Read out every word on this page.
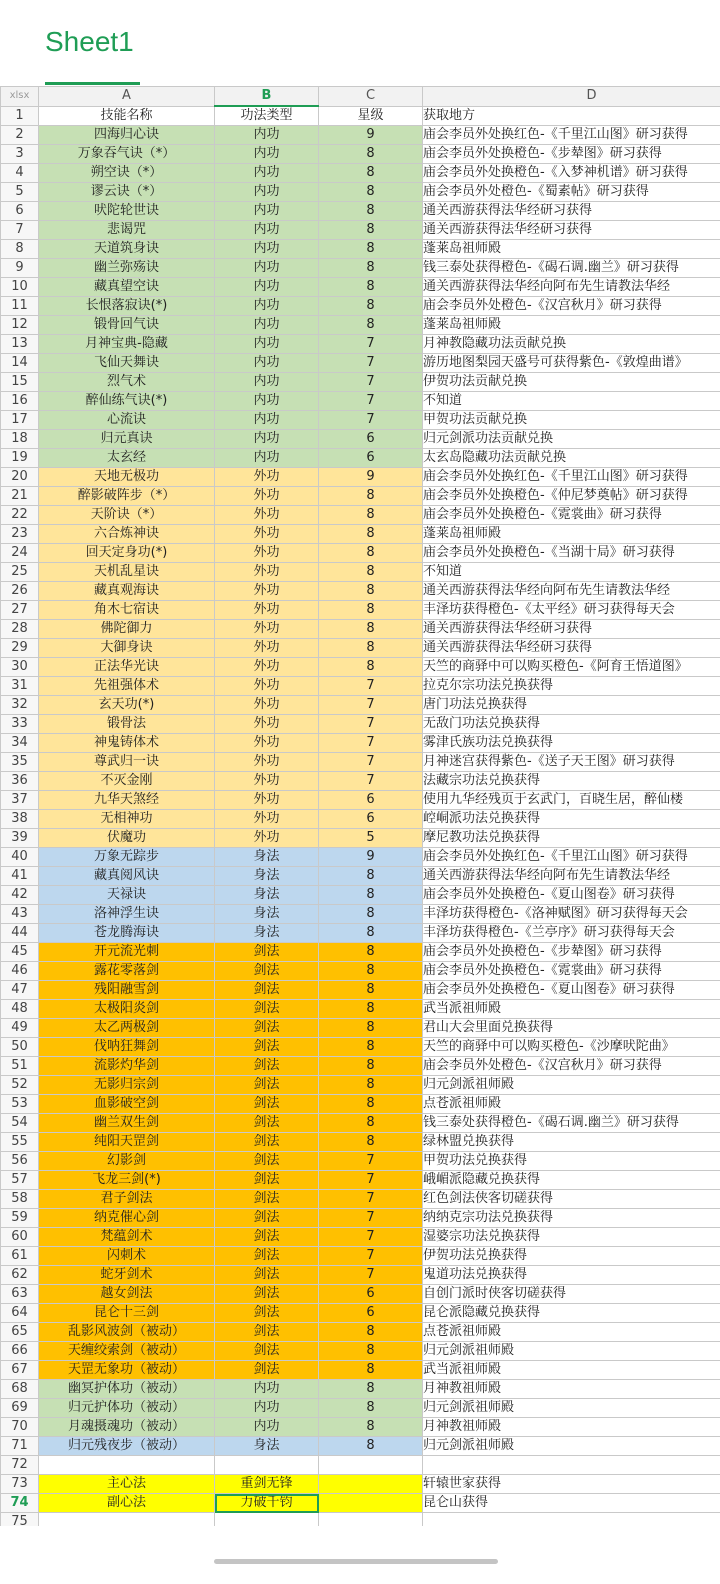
Sheet1
xlsx	A	B	C	D
1	技能名称	功法类型	星级	获取地方
2	四海归心诀	内功	9	庙会李员外处换红色-《千里江山图》研习获得
3	万象吞气诀（*）	内功	8	庙会李员外处换橙色-《步辇图》研习获得
4	朔空诀（*）	内功	8	庙会李员外处换橙色-《入梦神机谱》研习获得
5	谬云诀（*）	内功	8	庙会李员外处橙色-《蜀素帖》研习获得
6	吠陀轮世诀	内功	8	通关西游获得法华经研习获得
7	悲谒咒	内功	8	通关西游获得法华经研习获得
8	天道筑身诀	内功	8	蓬莱岛祖师殿
9	幽兰弥殇诀	内功	8	钱三泰处获得橙色-《碣石调.幽兰》研习获得
10	藏真望空诀	内功	8	通关西游获得法华经向阿布先生请教法华经
11	长恨落寂诀(*)	内功	8	庙会李员外处橙色-《汉宫秋月》研习获得
12	锻骨回气诀	内功	8	蓬莱岛祖师殿
13	月神宝典-隐藏	内功	7	月神教隐藏功法贡献兑换
14	飞仙天舞诀	内功	7	游历地图梨园天盛号可获得紫色-《敦煌曲谱》
15	烈气术	内功	7	伊贺功法贡献兑换
16	醉仙练气诀(*)	内功	7	不知道
17	心流诀	内功	7	甲贺功法贡献兑换
18	归元真诀	内功	6	归元剑派功法贡献兑换
19	太玄经	内功	6	太玄岛隐藏功法贡献兑换
20	天地无极功	外功	9	庙会李员外处换红色-《千里江山图》研习获得
21	醉影破阵步（*）	外功	8	庙会李员外处换橙色-《仲尼梦奠帖》研习获得
22	天阶诀（*）	外功	8	庙会李员外处换橙色-《霓裳曲》研习获得
23	六合炼神诀	外功	8	蓬莱岛祖师殿
24	回天定身功(*)	外功	8	庙会李员外处换橙色-《当湖十局》研习获得
25	天机乱星诀	外功	8	不知道
26	藏真观海诀	外功	8	通关西游获得法华经向阿布先生请教法华经
27	角木七宿诀	外功	8	丰泽坊获得橙色-《太平经》研习获得每天会
28	佛陀御力	外功	8	通关西游获得法华经研习获得
29	大御身诀	外功	8	通关西游获得法华经研习获得
30	正法华光诀	外功	8	天竺的商驿中可以购买橙色-《阿育王悟道图》
31	先祖强体术	外功	7	拉克尔宗功法兑换获得
32	玄天功(*)	外功	7	唐门功法兑换获得
33	锻骨法	外功	7	无敌门功法兑换获得
34	神鬼铸体术	外功	7	雾津氏族功法兑换获得
35	尊武归一诀	外功	7	月神迷宫获得紫色-《送子天王图》研习获得
36	不灭金刚	外功	7	法藏宗功法兑换获得
37	九华天煞经	外功	6	使用九华经残页于玄武门，百晓生居，醉仙楼
38	无相神功	外功	6	崆峒派功法兑换获得
39	伏魔功	外功	5	摩尼教功法兑换获得
40	万象无踪步	身法	9	庙会李员外处换红色-《千里江山图》研习获得
41	藏真阅风诀	身法	8	通关西游获得法华经向阿布先生请教法华经
42	天禄诀	身法	8	庙会李员外处换橙色-《夏山图卷》研习获得
43	洛神浮生诀	身法	8	丰泽坊获得橙色-《洛神赋图》研习获得每天会
44	苍龙腾海诀	身法	8	丰泽坊获得橙色-《兰亭序》研习获得每天会
45	开元流光刺	剑法	8	庙会李员外处换橙色-《步辇图》研习获得
46	露花零落剑	剑法	8	庙会李员外处换橙色-《霓裳曲》研习获得
47	残阳融雪剑	剑法	8	庙会李员外处换橙色-《夏山图卷》研习获得
48	太极阳炎剑	剑法	8	武当派祖师殿
49	太乙两极剑	剑法	8	君山大会里面兑换获得
50	伐呐狂舞剑	剑法	8	天竺的商驿中可以购买橙色-《沙摩吠陀曲》
51	流影灼华剑	剑法	8	庙会李员外处橙色-《汉宫秋月》研习获得
52	无影归宗剑	剑法	8	归元剑派祖师殿
53	血影破空剑	剑法	8	点苍派祖师殿
54	幽兰双生剑	剑法	8	钱三泰处获得橙色-《碣石调.幽兰》研习获得
55	纯阳天罡剑	剑法	8	绿林盟兑换获得
56	幻影剑	剑法	7	甲贺功法兑换获得
57	飞龙三剑(*)	剑法	7	峨嵋派隐藏兑换获得
58	君子剑法	剑法	7	红色剑法侠客切磋获得
59	纳克催心剑	剑法	7	纳纳克宗功法兑换获得
60	梵蕴剑术	剑法	7	湿婆宗功法兑换获得
61	闪刺术	剑法	7	伊贺功法兑换获得
62	蛇牙剑术	剑法	7	鬼道功法兑换获得
63	越女剑法	剑法	6	自创门派时侠客切磋获得
64	昆仑十三剑	剑法	6	昆仑派隐藏兑换获得
65	乱影风波剑（被动）	剑法	8	点苍派祖师殿
66	天缠绞索剑（被动）	剑法	8	归元剑派祖师殿
67	天罡无象功（被动）	剑法	8	武当派祖师殿
68	幽冥护体功（被动）	内功	8	月神教祖师殿
69	归元护体功（被动）	内功	8	归元剑派祖师殿
70	月魂摄魂功（被动）	内功	8	月神教祖师殿
71	归元残夜步（被动）	身法	8	归元剑派祖师殿
72				
73	主心法	重剑无锋		轩辕世家获得
74	副心法	力破千钧		昆仑山获得
75				
